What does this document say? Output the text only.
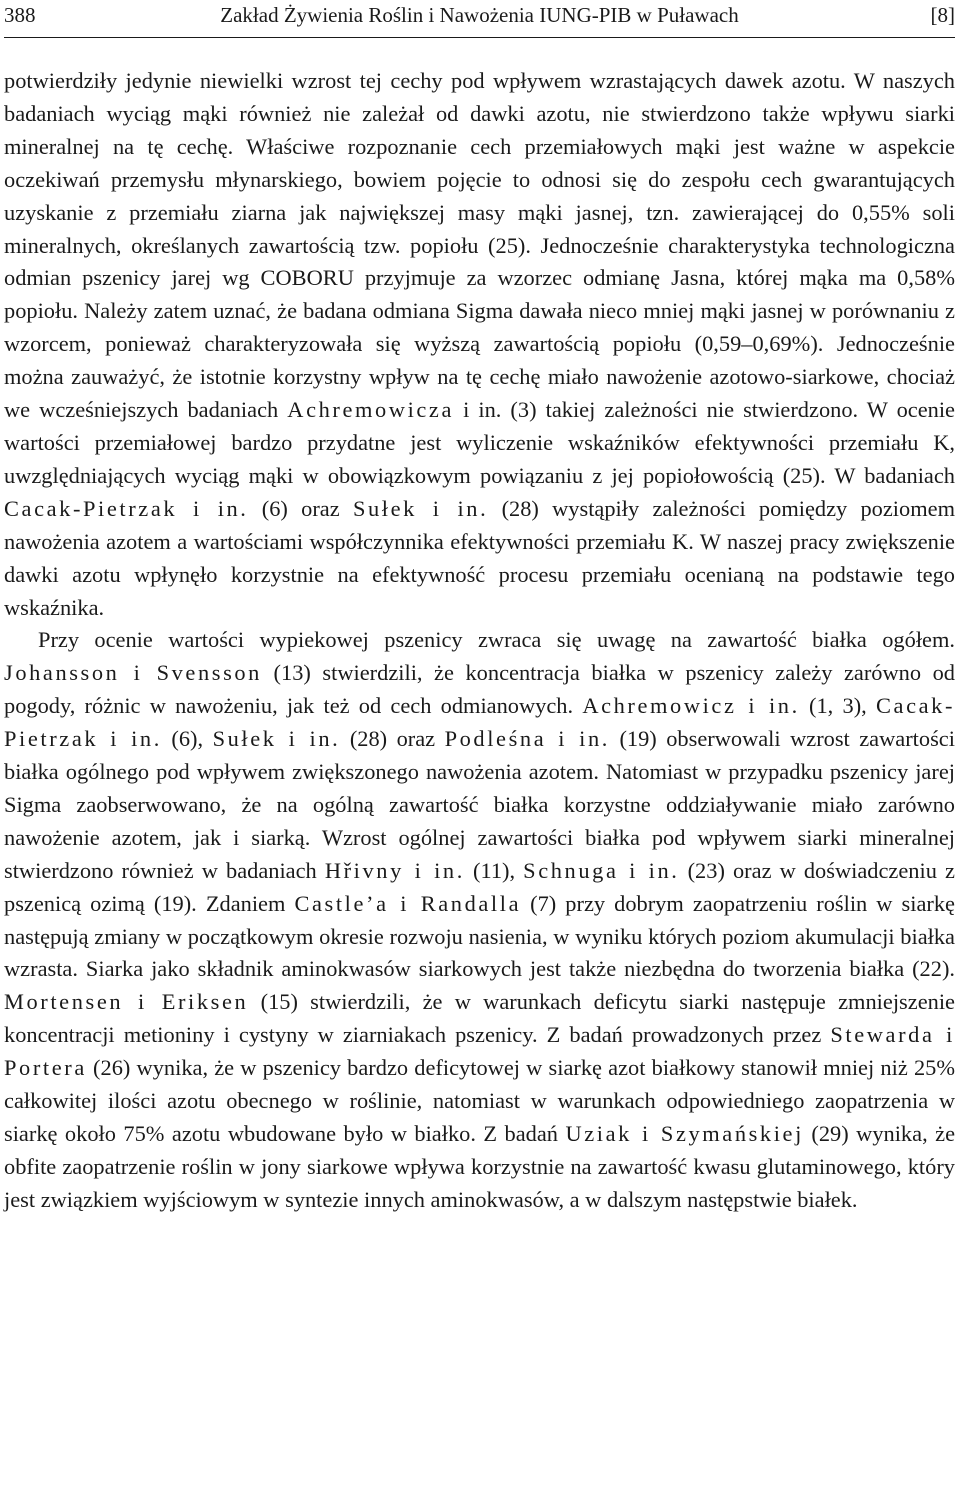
388	Zakład Żywienia Roślin i Nawożenia IUNG-PIB w Puławach	[8]

potwierdziły jedynie niewielki wzrost tej cechy pod wpływem wzrastających dawek azotu. W naszych badaniach wyciąg mąki również nie zależał od dawki azotu, nie stwierdzono także wpływu siarki mineralnej na tę cechę. Właściwe rozpoznanie cech przemiałowych mąki jest ważne w aspekcie oczekiwań przemysłu młynarskiego, bowiem pojęcie to odnosi się do zespołu cech gwarantujących uzyskanie z przemiału ziarna jak największej masy mąki jasnej, tzn. zawierającej do 0,55% soli mineralnych, określanych zawartością tzw. popiołu (25). Jednocześnie charakterystyka technologiczna odmian pszenicy jarej wg COBORU przyjmuje za wzorzec odmianę Jasna, której mąka ma 0,58% popiołu. Należy zatem uznać, że badana odmiana Sigma dawała nieco mniej mąki jasnej w porównaniu z wzorcem, ponieważ charakteryzowała się wyższą zawartością popiołu (0,59–0,69%). Jednocześnie można zauważyć, że istotnie korzystny wpływ na tę cechę miało nawożenie azotowo-siarkowe, chociaż we wcześniejszych badaniach Achremowicza i in. (3) takiej zależności nie stwierdzono. W ocenie wartości przemiałowej bardzo przydatne jest wyliczenie wskaźników efektywności przemiału K, uwzględniających wyciąg mąki w obowiązkowym powiązaniu z jej popiołowością (25). W badaniach Cacak-Pietrzak i in. (6) oraz Sułek i in. (28) wystąpiły zależności pomiędzy poziomem nawożenia azotem a wartościami współczynnika efektywności przemiału K. W naszej pracy zwiększenie dawki azotu wpłynęło korzystnie na efektywność procesu przemiału ocenianą na podstawie tego wskaźnika.

Przy ocenie wartości wypiekowej pszenicy zwraca się uwagę na zawartość białka ogółem. Johansson i Svensson (13) stwierdzili, że koncentracja białka w pszenicy zależy zarówno od pogody, różnic w nawożeniu, jak też od cech odmianowych. Achremowicz i in. (1, 3), Cacak-Pietrzak i in. (6), Sułek i in. (28) oraz Podleśna i in. (19) obserwowali wzrost zawartości białka ogólnego pod wpływem zwiększonego nawożenia azotem. Natomiast w przypadku pszenicy jarej Sigma zaobserwowano, że na ogólną zawartość białka korzystne oddziaływanie miało zarówno nawożenie azotem, jak i siarką. Wzrost ogólnej zawartości białka pod wpływem siarki mineralnej stwierdzono również w badaniach Hřivny i in. (11), Schnuga i in. (23) oraz w doświadczeniu z pszenicą ozimą (19). Zdaniem Castle’a i Randalla (7) przy dobrym zaopatrzeniu roślin w siarkę następują zmiany w początkowym okresie rozwoju nasienia, w wyniku których poziom akumulacji białka wzrasta. Siarka jako składnik aminokwasów siarkowych jest także niezbędna do tworzenia białka (22). Mortensen i Eriksen (15) stwierdzili, że w warunkach deficytu siarki następuje zmniejszenie koncentracji metioniny i cystyny w ziarniakach pszenicy. Z badań prowadzonych przez Stewarda i Portera (26) wynika, że w pszenicy bardzo deficytowej w siarkę azot białkowy stanowił mniej niż 25% całkowitej ilości azotu obecnego w roślinie, natomiast w warunkach odpowiedniego zaopatrzenia w siarkę około 75% azotu wbudowane było w białko. Z badań Uziak i Szymańskiej (29) wynika, że obfite zaopatrzenie roślin w jony siarkowe wpływa korzystnie na zawartość kwasu glutaminowego, który jest związkiem wyjściowym w syntezie innych aminokwasów, a w dalszym następstwie białek.
